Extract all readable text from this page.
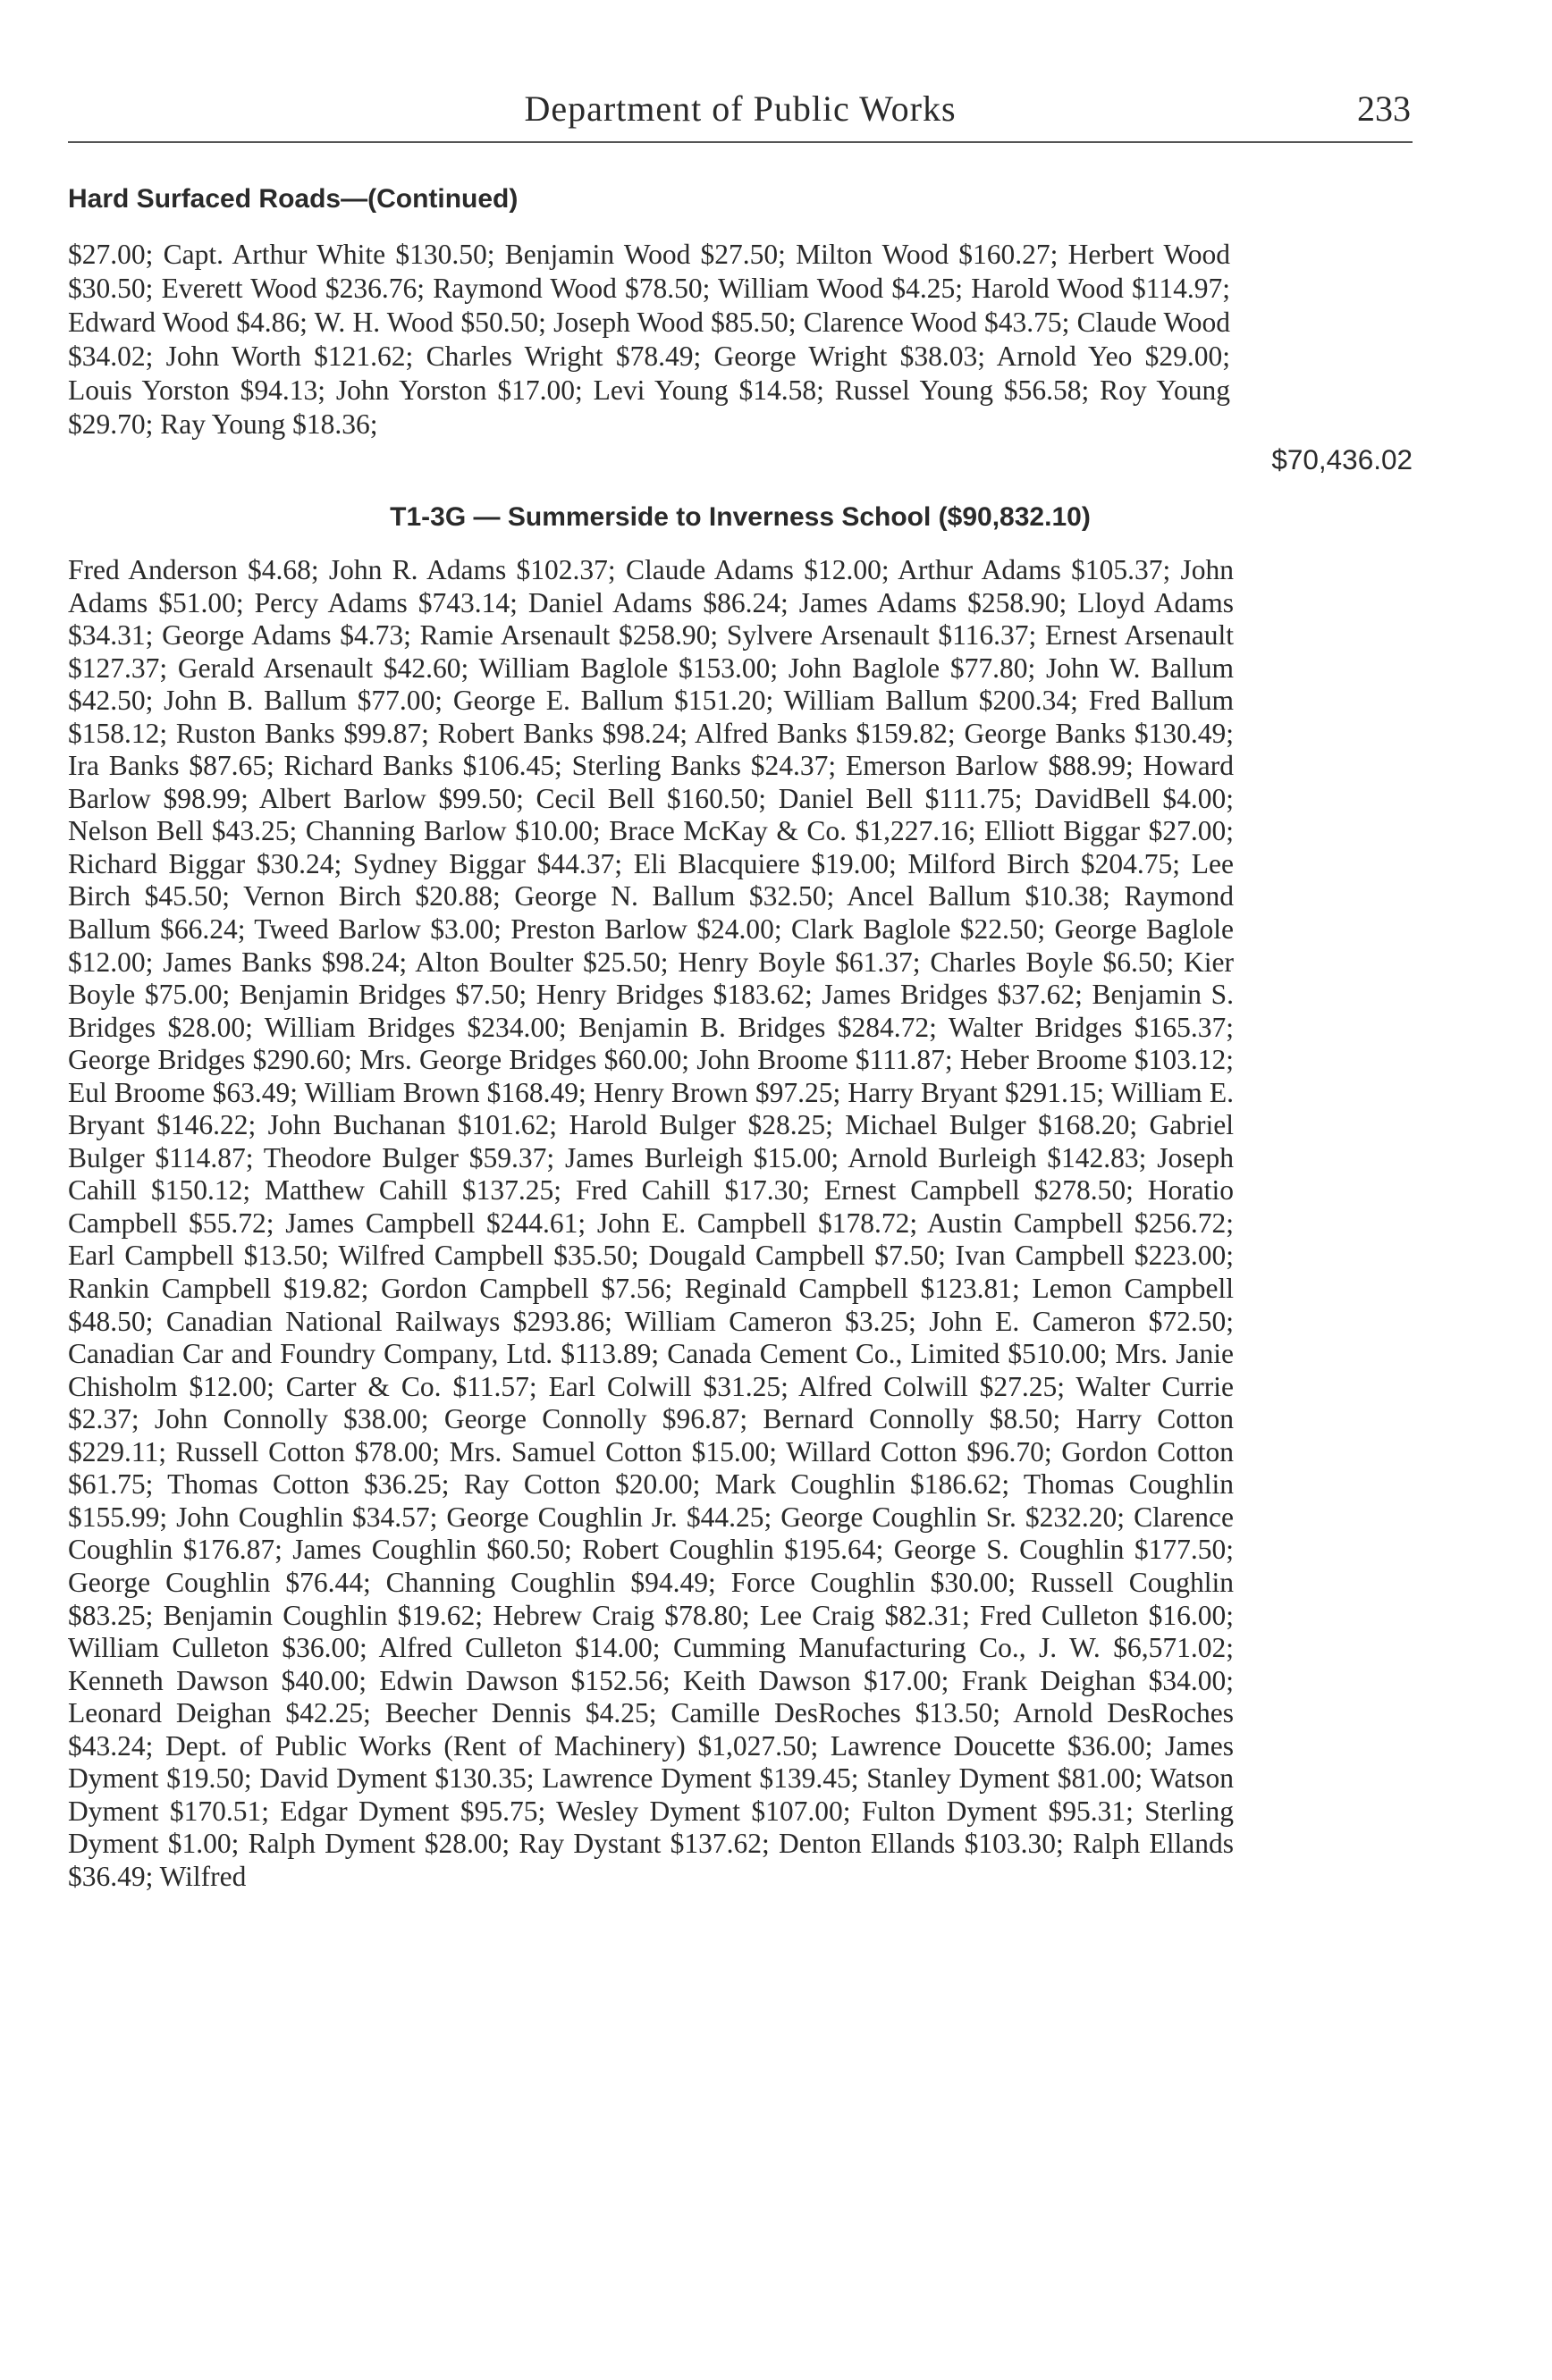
Department of Public Works	233
Hard Surfaced Roads—(Continued)

$27.00; Capt. Arthur White $130.50; Benjamin Wood $27.50; Milton Wood $160.27; Herbert Wood $30.50; Everett Wood $236.76; Raymond Wood $78.50; William Wood $4.25; Harold Wood $114.97; Edward Wood $4.86; W. H. Wood $50.50; Joseph Wood $85.50; Clarence Wood $43.75; Claude Wood $34.02; John Worth $121.62; Charles Wright $78.49; George Wright $38.03; Arnold Yeo $29.00; Louis Yorston $94.13; John Yorston $17.00; Levi Young $14.58; Russel Young $56.58; Roy Young $29.70; Ray Young $18.36;

$70,436.02
T1-3G — Summerside to Inverness School ($90,832.10)

Fred Anderson $4.68; John R. Adams $102.37; Claude Adams $12.00; Arthur Adams $105.37; John Adams $51.00; Percy Adams $743.14; Daniel Adams $86.24; James Adams $258.90; Lloyd Adams $34.31; George Adams $4.73; Ramie Arsenault $258.90; Sylvere Arsenault $116.37; Ernest Arsenault $127.37; Gerald Arsenault $42.60; William Baglole $153.00; John Baglole $77.80; John W. Ballum $42.50; John B. Ballum $77.00; George E. Ballum $151.20; William Ballum $200.34; Fred Ballum $158.12; Ruston Banks $99.87; Robert Banks $98.24; Alfred Banks $159.82; George Banks $130.49; Ira Banks $87.65; Richard Banks $106.45; Sterling Banks $24.37; Emerson Barlow $88.99; Howard Barlow $98.99; Albert Barlow $99.50; Cecil Bell $160.50; Daniel Bell $111.75; DavidBell $4.00; Nelson Bell $43.25; Channing Barlow $10.00; Brace McKay & Co. $1,227.16; Elliott Biggar $27.00; Richard Biggar $30.24; Sydney Biggar $44.37; Eli Blacquiere $19.00; Milford Birch $204.75; Lee Birch $45.50; Vernon Birch $20.88; George N. Ballum $32.50; Ancel Ballum $10.38; Raymond Ballum $66.24; Tweed Barlow $3.00; Preston Barlow $24.00; Clark Baglole $22.50; George Baglole $12.00; James Banks $98.24; Alton Boulter $25.50; Henry Boyle $61.37; Charles Boyle $6.50; Kier Boyle $75.00; Benjamin Bridges $7.50; Henry Bridges $183.62; James Bridges $37.62; Benjamin S. Bridges $28.00; William Bridges $234.00; Benjamin B. Bridges $284.72; Walter Bridges $165.37; George Bridges $290.60; Mrs. George Bridges $60.00; John Broome $111.87; Heber Broome $103.12; Eul Broome $63.49; William Brown $168.49; Henry Brown $97.25; Harry Bryant $291.15; William E. Bryant $146.22; John Buchanan $101.62; Harold Bulger $28.25; Michael Bulger $168.20; Gabriel Bulger $114.87; Theodore Bulger $59.37; James Burleigh $15.00; Arnold Burleigh $142.83; Joseph Cahill $150.12; Matthew Cahill $137.25; Fred Cahill $17.30; Ernest Campbell $278.50; Horatio Campbell $55.72; James Campbell $244.61; John E. Campbell $178.72; Austin Campbell $256.72; Earl Campbell $13.50; Wilfred Campbell $35.50; Dougald Campbell $7.50; Ivan Campbell $223.00; Rankin Campbell $19.82; Gordon Campbell $7.56; Reginald Campbell $123.81; Lemon Campbell $48.50; Canadian National Railways $293.86; William Cameron $3.25; John E. Cameron $72.50; Canadian Car and Foundry Company, Ltd. $113.89; Canada Cement Co., Limited $510.00; Mrs. Janie Chisholm $12.00; Carter & Co. $11.57; Earl Colwill $31.25; Alfred Colwill $27.25; Walter Currie $2.37; John Connolly $38.00; George Connolly $96.87; Bernard Connolly $8.50; Harry Cotton $229.11; Russell Cotton $78.00; Mrs. Samuel Cotton $15.00; Willard Cotton $96.70; Gordon Cotton $61.75; Thomas Cotton $36.25; Ray Cotton $20.00; Mark Coughlin $186.62; Thomas Coughlin $155.99; John Coughlin $34.57; George Coughlin Jr. $44.25; George Coughlin Sr. $232.20; Clarence Coughlin $176.87; James Coughlin $60.50; Robert Coughlin $195.64; George S. Coughlin $177.50; George Coughlin $76.44; Channing Coughlin $94.49; Force Coughlin $30.00; Russell Coughlin $83.25; Benjamin Coughlin $19.62; Hebrew Craig $78.80; Lee Craig $82.31; Fred Culleton $16.00; William Culleton $36.00; Alfred Culleton $14.00; Cumming Manufacturing Co., J. W. $6,571.02; Kenneth Dawson $40.00; Edwin Dawson $152.56; Keith Dawson $17.00; Frank Deighan $34.00; Leonard Deighan $42.25; Beecher Dennis $4.25; Camille DesRoches $13.50; Arnold DesRoches $43.24; Dept. of Public Works (Rent of Machinery) $1,027.50; Lawrence Doucette $36.00; James Dyment $19.50; David Dyment $130.35; Lawrence Dyment $139.45; Stanley Dyment $81.00; Watson Dyment $170.51; Edgar Dyment $95.75; Wesley Dyment $107.00; Fulton Dyment $95.31; Sterling Dyment $1.00; Ralph Dyment $28.00; Ray Dystant $137.62; Denton Ellands $103.30; Ralph Ellands $36.49; Wilfred
